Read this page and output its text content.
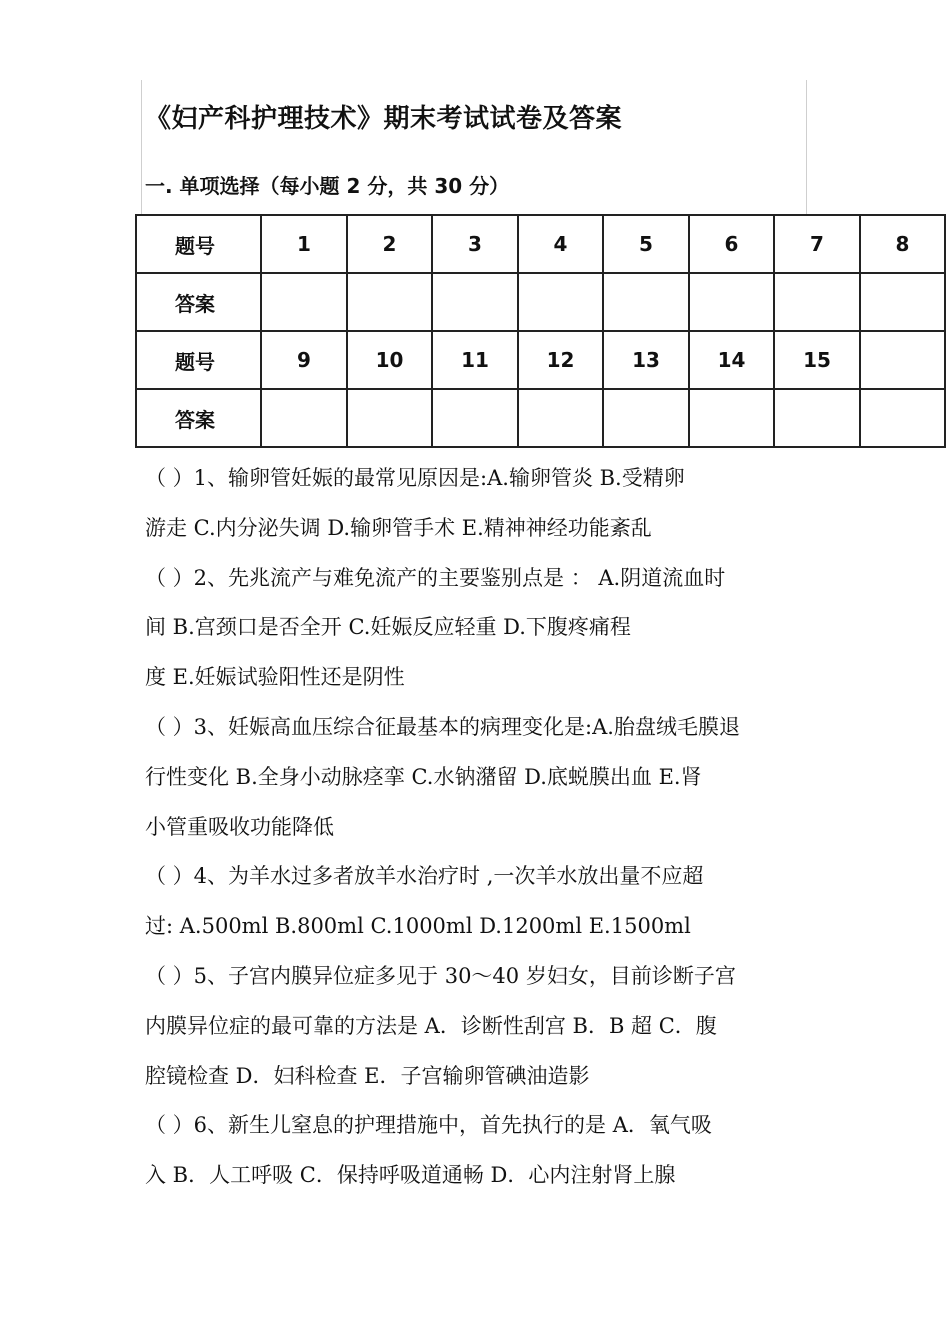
《妇产科护理技术》期末考试试卷及答案
一. 单项选择（每小题 2 分，共 30 分）
题号	1	2	3	4	5	6	7	8
答案								
题号	9	10	11	12	13	14	15	
答案								
（ ）1、输卵管妊娠的最常见原因是:A.输卵管炎 B.受精卵
游走 C.内分泌失调 D.输卵管手术 E.精神神经功能紊乱
（ ）2、先兆流产与难免流产的主要鉴别点是 ： A.阴道流血时
间 B.宫颈口是否全开 C.妊娠反应轻重 D.下腹疼痛程
度 E.妊娠试验阳性还是阴性
（ ）3、妊娠高血压综合征最基本的病理变化是:A.胎盘绒毛膜退
行性变化 B.全身小动脉痉挛 C.水钠潴留 D.底蜕膜出血 E.肾
小管重吸收功能降低
（ ）4、为羊水过多者放羊水治疗时 ,一次羊水放出量不应超
过: A.500ml B.800ml C.1000ml D.1200ml E.1500ml
（ ）5、子宫内膜异位症多见于 30～40 岁妇女，目前诊断子宫
内膜异位症的最可靠的方法是 A．诊断性刮宫 B．B 超 C．腹
腔镜检查 D．妇科检查 E．子宫输卵管碘油造影
（ ）6、新生儿窒息的护理措施中，首先执行的是 A．氧气吸
入 B．人工呼吸 C．保持呼吸道通畅 D．心内注射肾上腺
